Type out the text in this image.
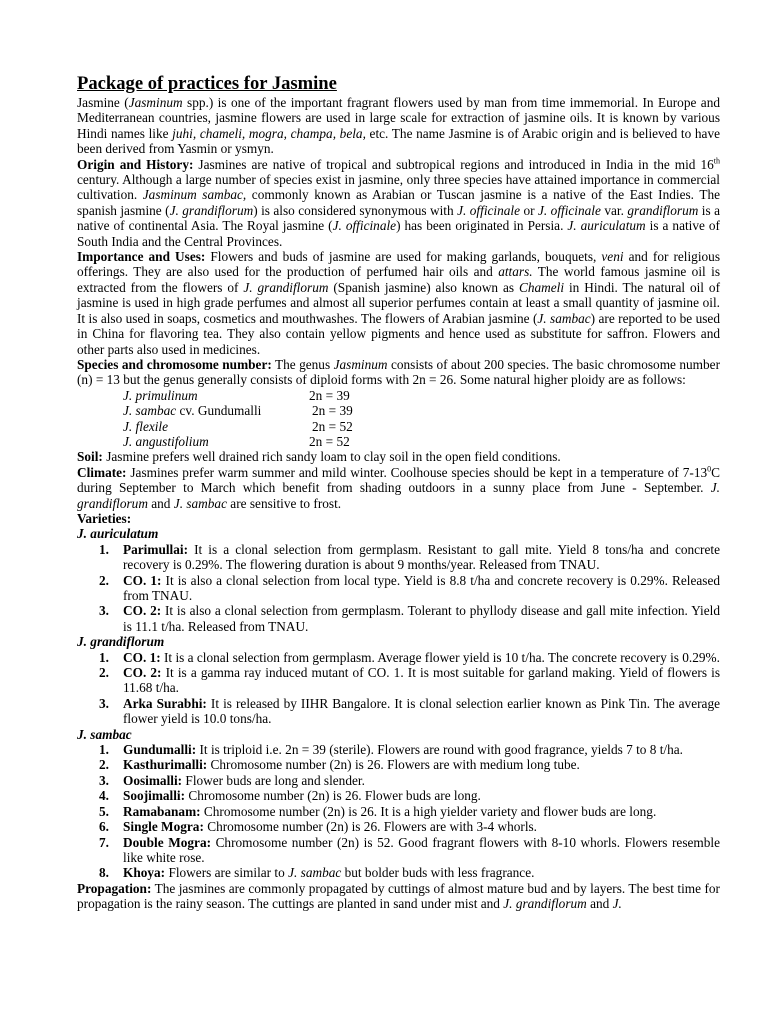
Package of practices for Jasmine

Jasmine (Jasminum spp.) is one of the important fragrant flowers used by man from time immemorial. In Europe and Mediterranean countries, jasmine flowers are used in large scale for extraction of jasmine oils. It is known by various Hindi names like juhi, chameli, mogra, champa, bela, etc. The name Jasmine is of Arabic origin and is believed to have been derived from Yasmin or ysmyn.

Origin and History: Jasmines are native of tropical and subtropical regions and introduced in India in the mid 16th century. Although a large number of species exist in jasmine, only three species have attained importance in commercial cultivation. Jasminum sambac, commonly known as Arabian or Tuscan jasmine is a native of the East Indies. The spanish jasmine (J. grandiflorum) is also considered synonymous with J. officinale or J. officinale var. grandiflorum is a native of continental Asia. The Royal jasmine (J. officinale) has been originated in Persia. J. auriculatum is a native of South India and the Central Provinces.

Importance and Uses: Flowers and buds of jasmine are used for making garlands, bouquets, veni and for religious offerings. They are also used for the production of perfumed hair oils and attars. The world famous jasmine oil is extracted from the flowers of J. grandiflorum (Spanish jasmine) also known as Chameli in Hindi. The natural oil of jasmine is used in high grade perfumes and almost all superior perfumes contain at least a small quantity of jasmine oil. It is also used in soaps, cosmetics and mouthwashes. The flowers of Arabian jasmine (J. sambac) are reported to be used in China for flavoring tea. They also contain yellow pigments and hence used as substitute for saffron. Flowers and other parts also used in medicines.

Species and chromosome number: The genus Jasminum consists of about 200 species. The basic chromosome number (n) = 13 but the genus generally consists of diploid forms with 2n = 26. Some natural higher ploidy are as follows:

J. primulinum	2n = 39
J. sambac cv. Gundumalli	2n = 39
J. flexile	2n = 52
J. angustifolium	2n = 52

Soil: Jasmine prefers well drained rich sandy loam to clay soil in the open field conditions.

Climate: Jasmines prefer warm summer and mild winter. Coolhouse species should be kept in a temperature of $7-13^0C$ during September to March which benefit from shading outdoors in a sunny place from June - September. J. grandiflorum and J. sambac are sensitive to frost.

Varieties:
J. auriculatum
1. Parimullai: It is a clonal selection from germplasm. Resistant to gall mite. Yield 8 tons/ha and concrete recovery is 0.29%. The flowering duration is about 9 months/year. Released from TNAU.
2. CO. 1: It is also a clonal selection from local type. Yield is 8.8 t/ha and concrete recovery is 0.29%. Released from TNAU.
3. CO. 2: It is also a clonal selection from germplasm. Tolerant to phyllody disease and gall mite infection. Yield is 11.1 t/ha. Released from TNAU.
J. grandiflorum
1. CO. 1: It is a clonal selection from germplasm. Average flower yield is 10 t/ha. The concrete recovery is 0.29%.
2. CO. 2: It is a gamma ray induced mutant of CO. 1. It is most suitable for garland making. Yield of flowers is 11.68 t/ha.
3. Arka Surabhi: It is released by IIHR Bangalore. It is clonal selection earlier known as Pink Tin. The average flower yield is 10.0 tons/ha.
J. sambac
1. Gundumalli: It is triploid i.e. 2n = 39 (sterile). Flowers are round with good fragrance, yields 7 to 8 t/ha.
2. Kasthurimalli: Chromosome number (2n) is 26. Flowers are with medium long tube.
3. Oosimalli: Flower buds are long and slender.
4. Soojimalli: Chromosome number (2n) is 26. Flower buds are long.
5. Ramabanam: Chromosome number (2n) is 26. It is a high yielder variety and flower buds are long.
6. Single Mogra: Chromosome number (2n) is 26. Flowers are with 3-4 whorls.
7. Double Mogra: Chromosome number (2n) is 52. Good fragrant flowers with 8-10 whorls. Flowers resemble like white rose.
8. Khoya: Flowers are similar to J. sambac but bolder buds with less fragrance.

Propagation: The jasmines are commonly propagated by cuttings of almost mature bud and by layers. The best time for propagation is the rainy season. The cuttings are planted in sand under mist and J. grandiflorum and J.
